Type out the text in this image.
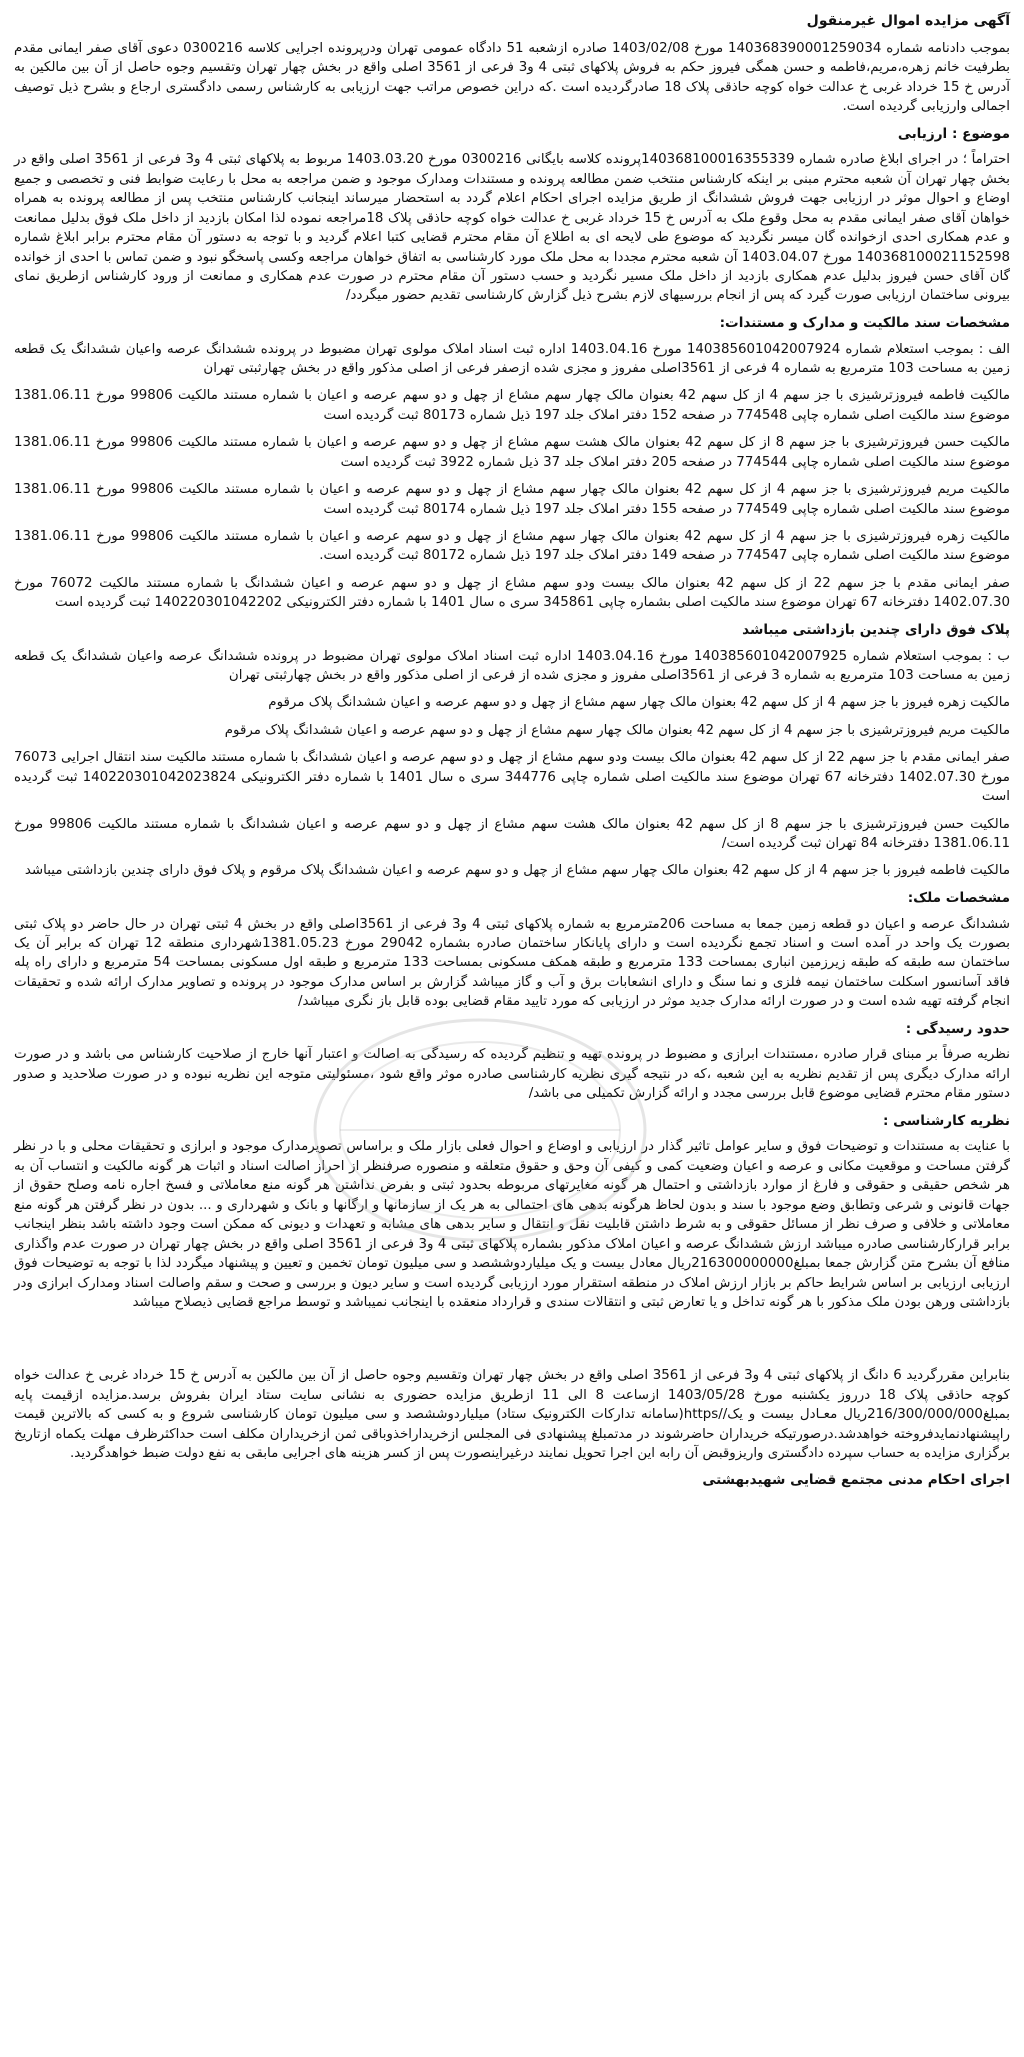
آگهی مزایده اموال غیرمنقول

بموجب دادنامه شماره 140368390001259034 مورخ 1403/02/08 صادره ازشعبه 51 دادگاه عمومی تهران ودرپرونده اجرایی کلاسه 0300216 دعوی آقای صفر ایمانی مقدم بطرفیت خانم زهره،مریم،فاطمه و حسن همگی فیروز حکم به فروش پلاکهای ثبتی 4 و3 فرعی از 3561 اصلی واقع در بخش چهار تهران وتقسیم وجوه حاصل از آن بین مالکین به آدرس خ 15 خرداد غربی خ عدالت خواه کوچه حاذقی پلاک 18 صادرگردیده است .که دراین خصوص مراتب جهت ارزیابی به کارشناس رسمی دادگستری ارجاع و بشرح ذیل توصیف اجمالی وارزیابی گردیده است.

موضوع : ارزیابی

احتراماً ؛ در اجرای ابلاغ صادره شماره 140368100016355339پرونده کلاسه بایگانی 0300216 مورخ 1403.03.20 مربوط به پلاکهای ثبتی 4 و3 فرعی از 3561 اصلی واقع در بخش چهار تهران آن شعبه محترم مبنی بر اینکه کارشناس منتخب ضمن مطالعه پرونده و مستندات ومدارک موجود و ضمن مراجعه به محل با رعایت ضوابط فنی و تخصصی و جمیع اوضاع و احوال موثر در ارزیابی جهت فروش ششدانگ از طریق مزایده اجرای احکام اعلام گردد به استحضار میرساند اینجانب کارشناس منتخب پس از مطالعه پرونده به همراه خواهان آقای صفر ایمانی مقدم به محل وقوع ملک به آدرس خ 15 خرداد غربی خ عدالت خواه کوچه حاذقی پلاک 18مراجعه نموده لذا امکان بازدید از داخل ملک فوق بدلیل ممانعت و عدم همکاری احدی ازخوانده گان میسر نگردید که موضوع طی لایحه ای به اطلاع آن مقام محترم قضایی کتبا اعلام گردید و با توجه به دستور آن مقام محترم برابر ابلاغ شماره 140368100021152598 مورخ 1403.04.07 آن شعبه محترم مجددا به محل ملک مورد کارشناسی به اتفاق خواهان مراجعه وکسی پاسخگو نبود و ضمن تماس با احدی از خوانده گان آقای حسن فیروز بدلیل عدم همکاری بازدید از داخل ملک مسیر نگردید و حسب دستور آن مقام محترم در صورت عدم همکاری و ممانعت از ورود کارشناس ازطریق نمای بیرونی ساختمان ارزیابی صورت گیرد که پس از انجام بررسیهای لازم بشرح ذیل گزارش کارشناسی تقدیم حضور میگردد/

مشخصات سند مالکیت و مدارک و مستندات:

الف : بموجب استعلام شماره 140385601042007924 مورخ 1403.04.16 اداره ثبت اسناد املاک مولوی تهران مضبوط در پرونده ششدانگ عرصه واعیان ششدانگ یک قطعه زمین به مساحت 103 مترمربع به شماره 4 فرعی از 3561اصلی مفروز و مجزی شده ازصفر فرعی از اصلی مذکور واقع در بخش چهارثبتی تهران

مالکیت فاطمه فیروزترشیزی با جز سهم 4 از کل سهم 42 بعنوان مالک چهار سهم مشاع از چهل و دو سهم عرصه و اعیان با شماره مستند مالکیت 99806 مورخ 1381.06.11 موضوع سند مالکیت اصلی شماره چاپی 774548 در صفحه 152 دفتر املاک جلد 197 ذیل شماره 80173 ثبت گردیده است

مالکیت حسن فیروزترشیزی با جز سهم 8 از کل سهم 42 بعنوان مالک هشت سهم مشاع از چهل و دو سهم عرصه و اعیان با شماره مستند مالکیت 99806 مورخ 1381.06.11 موضوع سند مالکیت اصلی شماره چاپی 774544 در صفحه 205 دفتر املاک جلد 37 ذیل شماره 3922 ثبت گردیده است

مالکیت مریم فیروزترشیزی با جز سهم 4 از کل سهم 42 بعنوان مالک چهار سهم مشاع از چهل و دو سهم عرصه و اعیان با شماره مستند مالکیت 99806 مورخ 1381.06.11 موضوع سند مالکیت اصلی شماره چاپی 774549 در صفحه 155 دفتر املاک جلد 197 ذیل شماره 80174 ثبت گردیده است

مالکیت زهره فیروزترشیزی با جز سهم 4 از کل سهم 42 بعنوان مالک چهار سهم مشاع از چهل و دو سهم عرصه و اعیان با شماره مستند مالکیت 99806 مورخ 1381.06.11 موضوع سند مالکیت اصلی شماره چاپی 774547 در صفحه 149 دفتر املاک جلد 197 ذیل شماره 80172 ثبت گردیده است.

صفر ایمانی مقدم با جز سهم 22 از کل سهم 42 بعنوان مالک بیست ودو سهم مشاع از چهل و دو سهم عرصه و اعیان ششدانگ با شماره مستند مالکیت 76072 مورخ 1402.07.30 دفترخانه 67 تهران موضوع سند مالکیت اصلی بشماره چاپی 345861 سری ه سال 1401 با شماره دفتر الکترونیکی 140220301042202 ثبت گردیده است

پلاک فوق دارای چندین بازداشتی میباشد

ب : بموجب استعلام شماره 140385601042007925 مورخ 1403.04.16 اداره ثبت اسناد املاک مولوی تهران مضبوط در پرونده ششدانگ عرصه واعیان ششدانگ یک قطعه زمین به مساحت 103 مترمربع به شماره 3 فرعی از 3561اصلی مفروز و مجزی شده از فرعی از اصلی مذکور واقع در بخش چهارثبتی تهران

مالکیت زهره فیروز با جز سهم 4 از کل سهم 42 بعنوان مالک چهار سهم مشاع از چهل و دو سهم عرصه و اعیان ششدانگ پلاک مرقوم

مالکیت مریم فیروزترشیزی با جز سهم 4 از کل سهم 42 بعنوان مالک چهار سهم مشاع از چهل و دو سهم عرصه و اعیان ششدانگ پلاک مرقوم

صفر ایمانی مقدم با جز سهم 22 از کل سهم 42 بعنوان مالک بیست ودو سهم مشاع از چهل و دو سهم عرصه و اعیان ششدانگ با شماره مستند مالکیت سند انتقال اجرایی 76073 مورخ 1402.07.30 دفترخانه 67 تهران موضوع سند مالکیت اصلی شماره چاپی 344776 سری ه سال 1401 با شماره دفتر الکترونیکی 140220301042023824 ثبت گردیده است

مالکیت حسن فیروزترشیزی با جز سهم 8 از کل سهم 42 بعنوان مالک هشت سهم مشاع از چهل و دو سهم عرصه و اعیان ششدانگ با شماره مستند مالکیت 99806 مورخ 1381.06.11 دفترخانه 84 تهران ثبت گردیده است/

مالکیت فاطمه فیروز با جز سهم 4 از کل سهم 42 بعنوان مالک چهار سهم مشاع از چهل و دو سهم عرصه و اعیان ششدانگ پلاک مرقوم و پلاک فوق دارای چندین بازداشتی میباشد

مشخصات ملک:

ششدانگ عرصه و اعیان دو قطعه زمین جمعا به مساحت 206مترمربع به شماره پلاکهای ثبتی 4 و3 فرعی از 3561اصلی واقع در بخش 4 ثبتی تهران در حال حاضر دو پلاک ثبتی بصورت یک واحد در آمده است و اسناد تجمع نگردیده است و دارای پایانکار ساختمان صادره بشماره 29042 مورخ 1381.05.23شهرداری منطقه 12 تهران که برابر آن یک ساختمان سه طبقه که طبقه زیرزمین انباری بمساحت 133 مترمربع و طبقه همکف مسکونی بمساحت 133 مترمربع و طبقه اول مسکونی بمساحت 54 مترمربع و دارای راه پله فاقد آسانسور اسکلت ساختمان نیمه فلزی و نما سنگ و دارای انشعابات برق و آب و گاز میباشد گزارش بر اساس مدارک موجود در پرونده و تصاویر مدارک ارائه شده و تحقیقات انجام گرفته تهیه شده است و در صورت ارائه مدارک جدید موثر در ارزیابی که مورد تایید مقام قضایی بوده قابل باز نگری میباشد/

حدود رسیدگی :

نظریه صرفاً بر مبنای قرار صادره ،مستندات ابرازی و مضبوط در پرونده تهیه و تنظیم گردیده که رسیدگی به اصالت و اعتبار آنها خارج از صلاحیت کارشناس می باشد و در صورت ارائه مدارک دیگری پس از تقدیم نظریه به این شعبه ،که در نتیجه گیری نظریه کارشناسی صادره موثر واقع شود ،مسئولیتی متوجه این نظریه نبوده و در صورت صلاحدید و صدور دستور مقام محترم قضایی موضوع قابل بررسی مجدد و ارائه گزارش تکمیلی می باشد/

نظریه کارشناسی :

با عنایت به مستندات و توضیحات فوق و سایر عوامل تاثیر گذار در ارزیابی و اوضاع و احوال فعلی بازار ملک و براساس تصویرمدارک موجود و ابرازی و تحقیقات محلی و با در نظر گرفتن مساحت و موقعیت مکانی و عرصه و اعیان وضعیت کمی و کیفی آن وحق و حقوق متعلقه و منصوره صرفنظر از احراز اصالت اسناد و اثبات هر گونه مالکیت و انتساب آن به هر شخص حقیقی و حقوقی و فارغ از موارد بازداشتی و احتمال هر گونه مغایرتهای مربوطه بحدود ثبتی و بفرض نداشتن هر گونه منع معاملاتی و فسخ اجاره نامه وصلح حقوق از جهات قانونی و شرعی وتطابق وضع موجود با سند و بدون لحاظ هرگونه بدهی های احتمالی به هر یک از سازمانها و ارگانها و بانک و شهرداری و ... بدون در نظر گرفتن هر گونه منع معاملاتی و خلافی و صرف نظر از مسائل حقوقی و به شرط داشتن قابلیت نقل و انتقال و سایر بدهی های مشابه و تعهدات و دیونی که ممکن است وجود داشته باشد بنظر اینجانب برابر قرارکارشناسی صادره میباشد ارزش ششدانگ عرصه و اعیان املاک مذکور بشماره پلاکهای ثبتی 4 و3 فرعی از 3561 اصلی واقع در بخش چهار تهران در صورت عدم واگذاری منافع آن بشرح متن گزارش جمعا بمبلغ216300000000ریال معادل بیست و یک میلیاردوششصد و سی میلیون تومان تخمین و تعیین و پیشنهاد میگردد لذا با توجه به توضیحات فوق ارزیابی ارزیابی بر اساس شرایط حاکم بر بازار ارزش املاک در منطقه استقرار مورد ارزیابی گردیده است و سایر دیون و بررسی و صحت و سقم واصالت اسناد ومدارک ابرازی ودر بازداشتی ورهن بودن ملک مذکور با هر گونه تداخل و یا تعارض ثبتی و انتقالات سندی و قرارداد منعقده با اینجانب نمیباشد و توسط مراجع قضایی ذیصلاح میباشد

بنابراین مقررگردید 6 دانگ از پلاکهای ثبتی 4 و3 فرعی از 3561 اصلی واقع در بخش چهار تهران وتقسیم وجوه حاصل از آن بین مالکین به آدرس خ 15 خرداد غربی خ عدالت خواه کوچه حاذقی پلاک 18 درروز یکشنبه مورخ 1403/05/28 ازساعت 8 الی 11 ازطریق مزایده حضوری به نشانی سایت ستاد ایران بفروش برسد.مزایده ازقیمت پایه بمبلغ216/300/000/000ریال معـادل بیست و یک//https(سامانه تدارکات الکترونیک ستاد) میلیاردوششصد و سی میلیون تومان کارشناسی شروع و به کسی که بالاترین قیمت راپیشنهادنمایدفروخته خواهدشد.درصورتیکه خریداران حاضرشوند در مدتمبلغ پیشنهادی فی المجلس ازخریداراخذوباقی ثمن ازخریداران مکلف است حداکثرظرف مهلت یکماه ازتاریخ برگزاری مزایده به حساب سپرده دادگستری واریزوقبض آن رابه این اجرا تحویل نمایند درغیراینصورت پس از کسر هزینه های اجرایی مابقی به نفع دولت ضبط خواهدگردید.

اجرای احکام مدنی مجتمع قضایی شهیدبهشتی
